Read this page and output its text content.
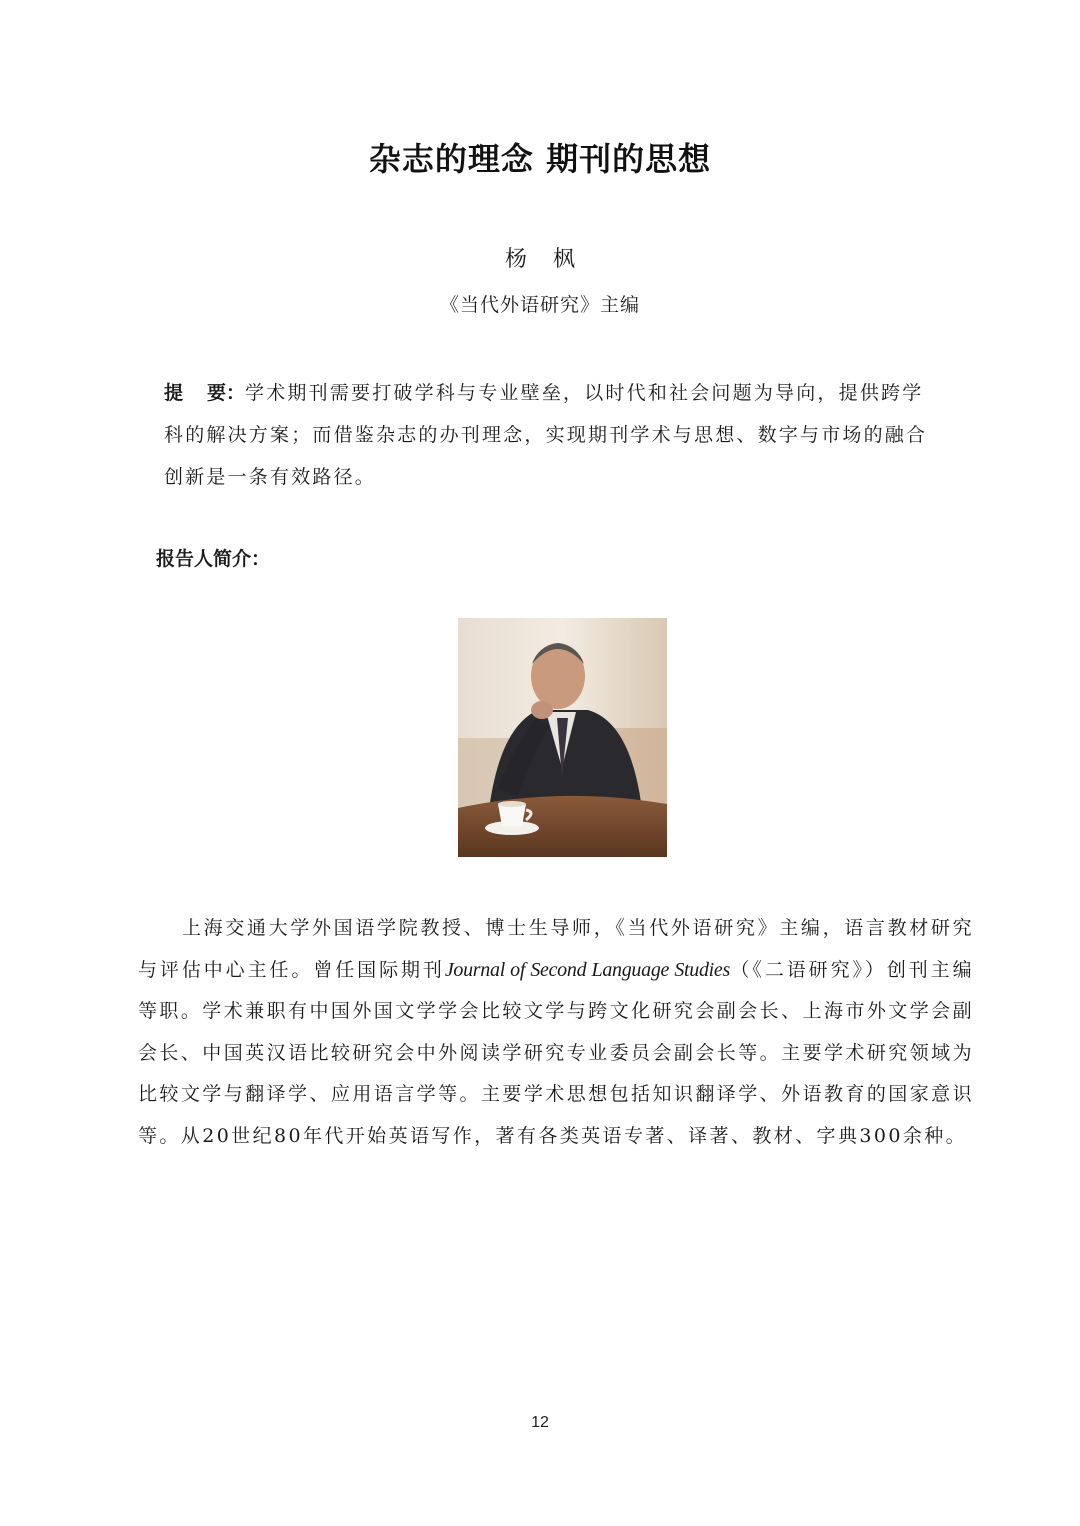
杂志的理念 期刊的思想
杨枫
《当代外语研究》主编
提 要：学术期刊需要打破学科与专业壁垒，以时代和社会问题为导向，提供跨学科的解决方案；而借鉴杂志的办刊理念，实现期刊学术与思想、数字与市场的融合创新是一条有效路径。
报告人简介：
上海交通大学外国语学院教授、博士生导师，《当代外语研究》主编，语言教材研究与评估中心主任。曾任国际期刊Journal of Second Language Studies（《二语研究》）创刊主编等职。学术兼职有中国外国文学学会比较文学与跨文化研究会副会长、上海市外文学会副会长、中国英汉语比较研究会中外阅读学研究专业委员会副会长等。主要学术研究领域为比较文学与翻译学、应用语言学等。主要学术思想包括知识翻译学、外语教育的国家意识等。从20世纪80年代开始英语写作，著有各类英语专著、译著、教材、字典300余种。
12
